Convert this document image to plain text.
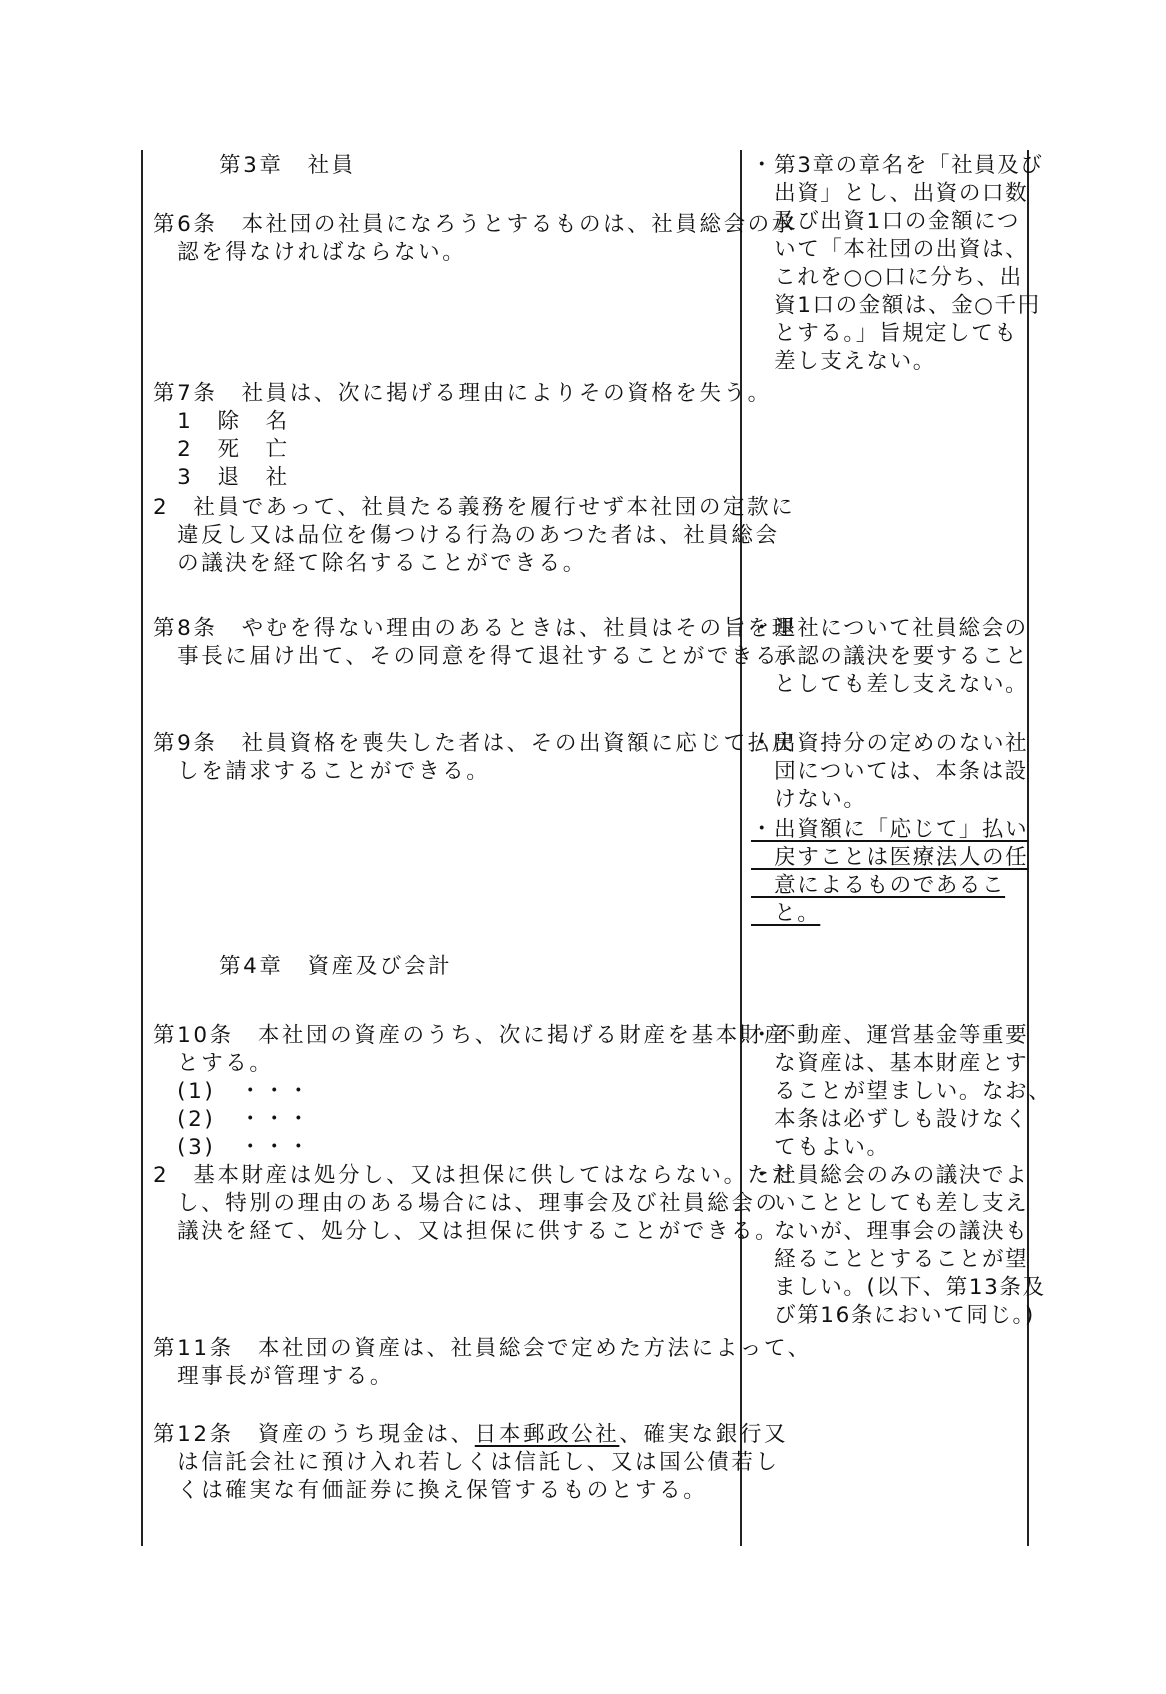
第3章　社員
第6条　本社団の社員になろうとするものは、社員総会の承
　認を得なければならない。
第7条　社員は、次に掲げる理由によりその資格を失う。
　1　除　名
　2　死　亡
　3　退　社
2　社員であって、社員たる義務を履行せず本社団の定款に
　違反し又は品位を傷つける行為のあつた者は、社員総会
　の議決を経て除名することができる。
第8条　やむを得ない理由のあるときは、社員はその旨を理
　事長に届け出て、その同意を得て退社することができる。
第9条　社員資格を喪失した者は、その出資額に応じて払戻
　しを請求することができる。
第4章　資産及び会計
第10条　本社団の資産のうち、次に掲げる財産を基本財産
　とする。
　(1)　・・・
　(2)　・・・
　(3)　・・・
2　基本財産は処分し、又は担保に供してはならない。ただ
　し、特別の理由のある場合には、理事会及び社員総会の
　議決を経て、処分し、又は担保に供することができる。
第11条　本社団の資産は、社員総会で定めた方法によって、
　理事長が管理する。
第12条　資産のうち現金は、日本郵政公社、確実な銀行又
　は信託会社に預け入れ若しくは信託し、又は国公債若し
　くは確実な有価証券に換え保管するものとする。
・第3章の章名を「社員及び
　出資」とし、出資の口数
　及び出資1口の金額につ
　いて「本社団の出資は、
　これを○○口に分ち、出
　資1口の金額は、金○千円
　とする。」旨規定しても
　差し支えない。
・退社について社員総会の
　承認の議決を要すること
　としても差し支えない。
・出資持分の定めのない社
　団については、本条は設
　けない。
・出資額に「応じて」払い
　戻すことは医療法人の任
　意によるものであるこ
　と。
・不動産、運営基金等重要
　な資産は、基本財産とす
　ることが望ましい。なお、
　本条は必ずしも設けなく
　てもよい。
・社員総会のみの議決でよ
　いこととしても差し支え
　ないが、理事会の議決も
　経ることとすることが望
　ましい。(以下、第13条及
　び第16条において同じ。)
